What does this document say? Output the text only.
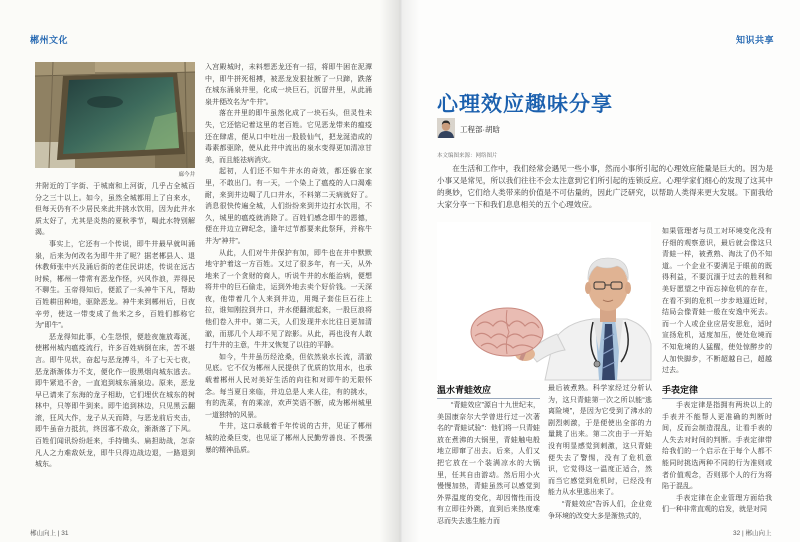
郴州文化
廊今井

井附近的丁字街、于城南和上河街，几乎占全城百分之三十以上。如今，虽然全城都用上了自来水，但每天仍有不少居民来此井挑水饮用，因为此井水质太好了，尤其是炎热的夏秋季节，喝此水特别解渴。

事实上，它还有一个传说，即牛井最早就叫涌泉，后来为何改名为即牛井了呢？据老郴县人、退休教师张中兴及涌后街的老住民讲述，传说在远古时候，郴州一带常有恶龙作怪，兴风作浪，弄得民不聊生。玉帝得知后，便派了一头神牛下凡，帮助百姓耕田种地，驱除恶龙。神牛来到郴州后，日夜辛劳，使这一带变成了鱼米之乡，百姓们都称它为“即牛”。

恶龙得知此事，心生怨恨，便趁夜施放毒涎，使郴州城内瘟疫流行，许多百姓病倒在床，苦不堪言。即牛见状，奋起与恶龙搏斗，斗了七天七夜，恶龙渐渐体力不支，便化作一股黑烟向城东逃去。即牛紧追不舍，一直追到城东涌泉边。原来，恶龙早已请来了东海的龙子相助，它们埋伏在城东的树林中，只等即牛到来。即牛追到林边，只见黑云翻滚，狂风大作，龙子从天而降，与恶龙前后夹击，即牛虽奋力抵抗，终因寡不敌众，渐渐落了下风。百姓们闻讯纷纷赶来，手持锄头、扁担助战，怎奈凡人之力难敌妖龙，即牛只得边战边退，一路退到城东。

入宫殿城时，未料想恶龙还有一招，将即牛困在泥潭中，即牛拼死相搏，被恶龙发狠扯断了一只蹄，跌落在城东涌泉井里，化成一块巨石，沉留井里，从此涌泉井便改名为“牛井”。

落在井里的即牛虽然化成了一块石头，但灵性未失，它还惦记着这里的老百姓。它见恶龙带来的瘟疫还在肆虐，便从口中吐出一股股仙气，把龙涎造成的毒素都驱除，使从此井中流出的泉水变得更加清凉甘美，而且能祛病消灾。

起初，人们还不知牛井水的奇效，都还躲在家里，不敢出门。有一天，一个染上了瘟疫的人口渴难耐，来到井边喝了几口井水，不料第二天病就好了。消息很快传遍全城，人们纷纷来到井边打水饮用，不久，城里的瘟疫就消除了。百姓们感念即牛的恩德，便在井边立碑纪念，逢年过节都要来此祭拜，并称牛井为“神井”。

从此，人们对牛井保护有加，即牛也在井中默默地守护着这一方百姓。又过了很多年，有一天，从外地来了一个贪财的商人，听说牛井的水能治病，便想将井中的巨石偷走，运到外地去卖个好价钱。一天深夜，他带着几个人来到井边，用绳子套住巨石往上拉，谁知刚拉到井口，井水便翻滚起来，一股巨浪将他们卷入井中。第二天，人们发现井水比往日更加清澈，而那几个人却不见了踪影。从此，再也没有人敢打牛井的主意，牛井又恢复了以往的平静。

如今，牛井虽历经沧桑，但依然泉水长流，清澈见底。它不仅为郴州人民提供了优质的饮用水，也承载着郴州人民对美好生活的向往和对即牛的无限怀念。每当夏日来临，井边总是人来人往，有的挑水，有的洗菜，有的乘凉，欢声笑语不断，成为郴州城里一道独特的风景。

牛井，这口承载着千年传说的古井，见证了郴州城的沧桑巨变，也见证了郴州人民勤劳善良、不畏强暴的精神品质。

郴山向上 | 31
知识共享
心理效应趣味分享
工程部·胡晗
本文编图来源：网络图片

在生活和工作中，我们经常会遇见一些小事，然而小事所引起的心理效应能量是巨大的。因为是小事又是常见，所以我们往往不会太注意到它们所引起的连锁反应。心理学家们细心的发现了这其中的奥妙，它们给人类带来的价值是不可估量的，因此广泛研究，以帮助人类得来更大发展。下面我给大家分享一下和我们息息相关的五个心理效应。

如果管理者与员工对环境变化没有仔细的观察意识，最后就会像这只青蛙一样，被煮熟、淘汰了仍不知道。一个企业不要满足于眼前的既得利益，不要沉湎于过去的胜利和美好愿望之中而忘掉危机的存在，在看不到的危机一步步地逼近时，结局会像青蛙一般在安逸中死去。而一个人或企业应居安思危，适时宣扬危机，适度加压，使处危境而不知危境的人猛醒，使处惊醉步的人加快脚步，不断超越自己，超越过去。

温水青蛙效应

“青蛙效应”源自十九世纪末，美国康奈尔大学曾进行过一次著名的“青蛙试验”：他们将一只青蛙放在煮沸的大锅里，青蛙触电般地立即窜了出去。后来，人们又把它放在一个装满凉水的大锅里，任其自由游动。然后用小火慢慢加热，青蛙虽然可以感觉到外界温度的变化，却因惰性而没有立即往外跳，直到后来热度难忍而失去逃生能力而

最后被煮熟。科学家经过分析认为，这只青蛙第一次之所以能“逃离险境”，是因为它受到了沸水的剧烈刺激，于是便使出全部的力量跳了出来。第二次由于一开始没有明显感觉到刺激，这只青蛙便失去了警惕，没有了危机意识，它觉得这一温度正适合，然而当它感觉到危机时，已经没有能力从水里逃出来了。

“青蛙效应”告诉人们，企业竞争环境的改变大多是渐热式的，

手表定律

手表定律是指拥有两块以上的手表并不能帮人更准确的判断时间，反而会制造混乱，让看手表的人失去对时间的判断。手表定律带给我们的一个启示在于每个人都不能同时挑选两种不同的行为准则或者价值观念，否则那个人的行为将陷于混乱。

手表定律在企业管理方面给我们一种非常直观的启发，就是对同

32 | 郴山向上
